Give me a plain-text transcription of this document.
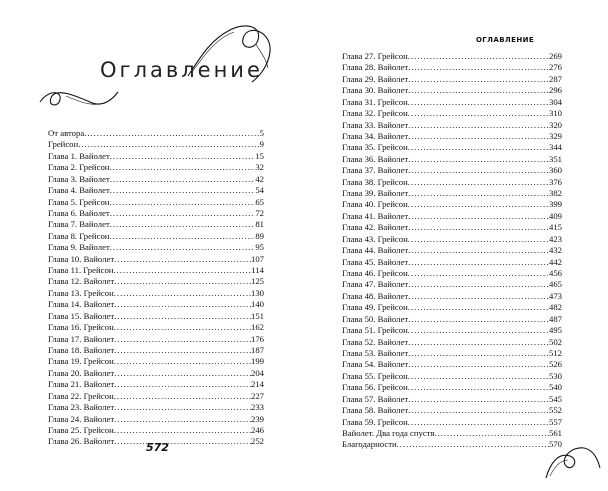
Оглавление
От автора . . .	5
Грейсон . . .	9
Глава 1. Вайолет . . .	15
Глава 2. Грейсон . . .	32
Глава 3. Вайолет . . .	42
Глава 4. Вайолет . . .	54
Глава 5. Грейсон . . .	65
Глава 6. Вайолет . . .	72
Глава 7. Вайолет . . .	81
Глава 8. Грейсон . . .	89
Глава 9. Вайолет . . .	95
Глава 10. Вайолет . . .	107
Глава 11. Грейсон . . .	114
Глава 12. Вайолет . . .	125
Глава 13. Грейсон . . .	130
Глава 14. Вайолет . . .	140
Глава 15. Вайолет . . .	151
Глава 16. Грейсон . . .	162
Глава 17. Вайолет . . .	176
Глава 18. Вайолет . . .	187
Глава 19. Грейсон . . .	199
Глава 20. Вайолет . . .	204
Глава 21. Вайолет . . .	214
Глава 22. Грейсон . . .	227
Глава 23. Вайолет . . .	233
Глава 24. Вайолет . . .	239
Глава 25. Грейсон . . .	246
Глава 26. Вайолет . . .	252
572
ОГЛАВЛЕНИЕ
Глава 27. Грейсон . . .	269
Глава 28. Вайолет . . .	276
Глава 29. Вайолет . . .	287
Глава 30. Вайолет . . .	296
Глава 31. Грейсон . . .	304
Глава 32. Грейсон . . .	310
Глава 33. Вайолет . . .	320
Глава 34. Вайолет . . .	329
Глава 35. Грейсон . . .	344
Глава 36. Вайолет . . .	351
Глава 37. Вайолет . . .	360
Глава 38. Грейсон . . .	376
Глава 39. Вайолет . . .	382
Глава 40. Грейсон . . .	399
Глава 41. Вайолет . . .	409
Глава 42. Вайолет . . .	415
Глава 43. Грейсон . . .	423
Глава 44. Вайолет . . .	432
Глава 45. Вайолет . . .	442
Глава 46. Грейсон . . .	456
Глава 47. Вайолет . . .	465
Глава 48. Вайолет . . .	473
Глава 49. Грейсон . . .	482
Глава 50. Вайолет . . .	487
Глава 51. Грейсон . . .	495
Глава 52. Вайолет . . .	502
Глава 53. Вайолет . . .	512
Глава 54. Вайолет . . .	526
Глава 55. Грейсон . . .	530
Глава 56. Грейсон . . .	540
Глава 57. Вайолет . . .	545
Глава 58. Вайолет . . .	552
Глава 59. Грейсон . . .	557
Вайолет. Два года спустя . . .	561
Благодарности . . .	570
